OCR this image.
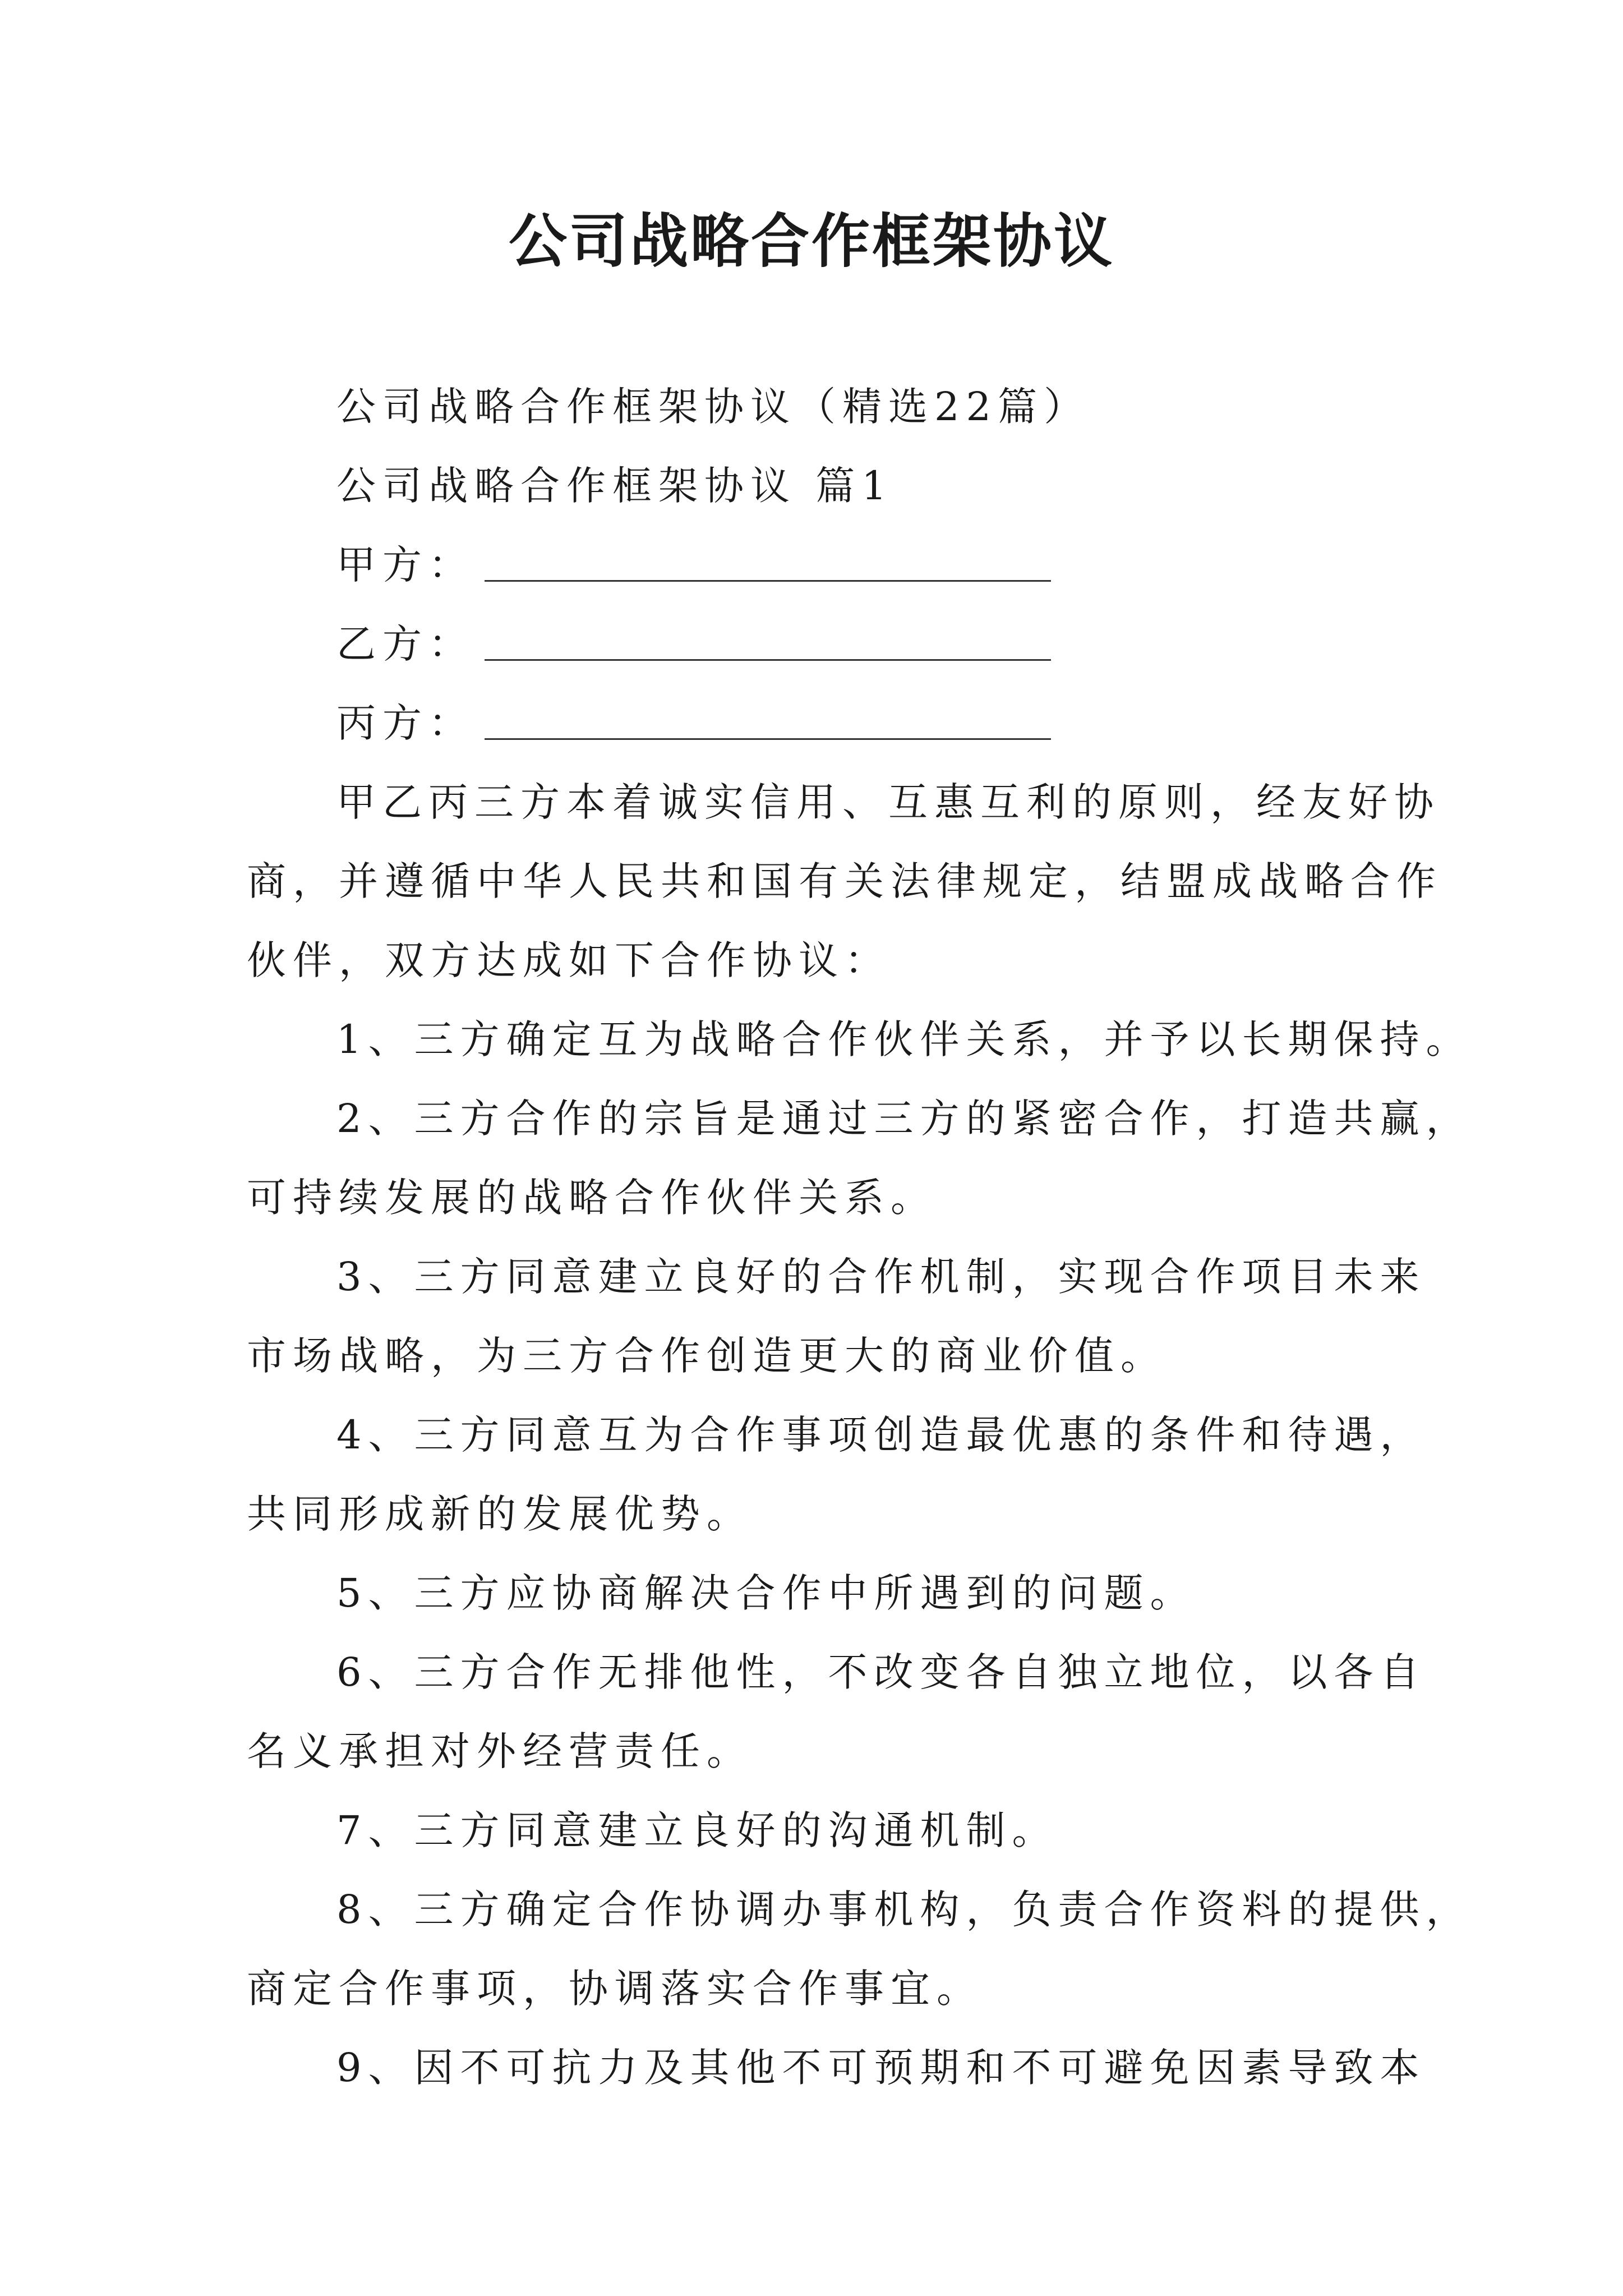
公司战略合作框架协议
公司战略合作框架协议（精选22篇）
公司战略合作框架协议 篇1
甲方：
乙方：
丙方：
甲乙丙三方本着诚实信用、互惠互利的原则，经友好协
商，并遵循中华人民共和国有关法律规定，结盟成战略合作
伙伴，双方达成如下合作协议：
1、三方确定互为战略合作伙伴关系，并予以长期保持。
2、三方合作的宗旨是通过三方的紧密合作，打造共赢，
可持续发展的战略合作伙伴关系。
3、三方同意建立良好的合作机制，实现合作项目未来
市场战略，为三方合作创造更大的商业价值。
4、三方同意互为合作事项创造最优惠的条件和待遇，
共同形成新的发展优势。
5、三方应协商解决合作中所遇到的问题。
6、三方合作无排他性，不改变各自独立地位，以各自
名义承担对外经营责任。
7、三方同意建立良好的沟通机制。
8、三方确定合作协调办事机构，负责合作资料的提供，
商定合作事项，协调落实合作事宜。
9、因不可抗力及其他不可预期和不可避免因素导致本
